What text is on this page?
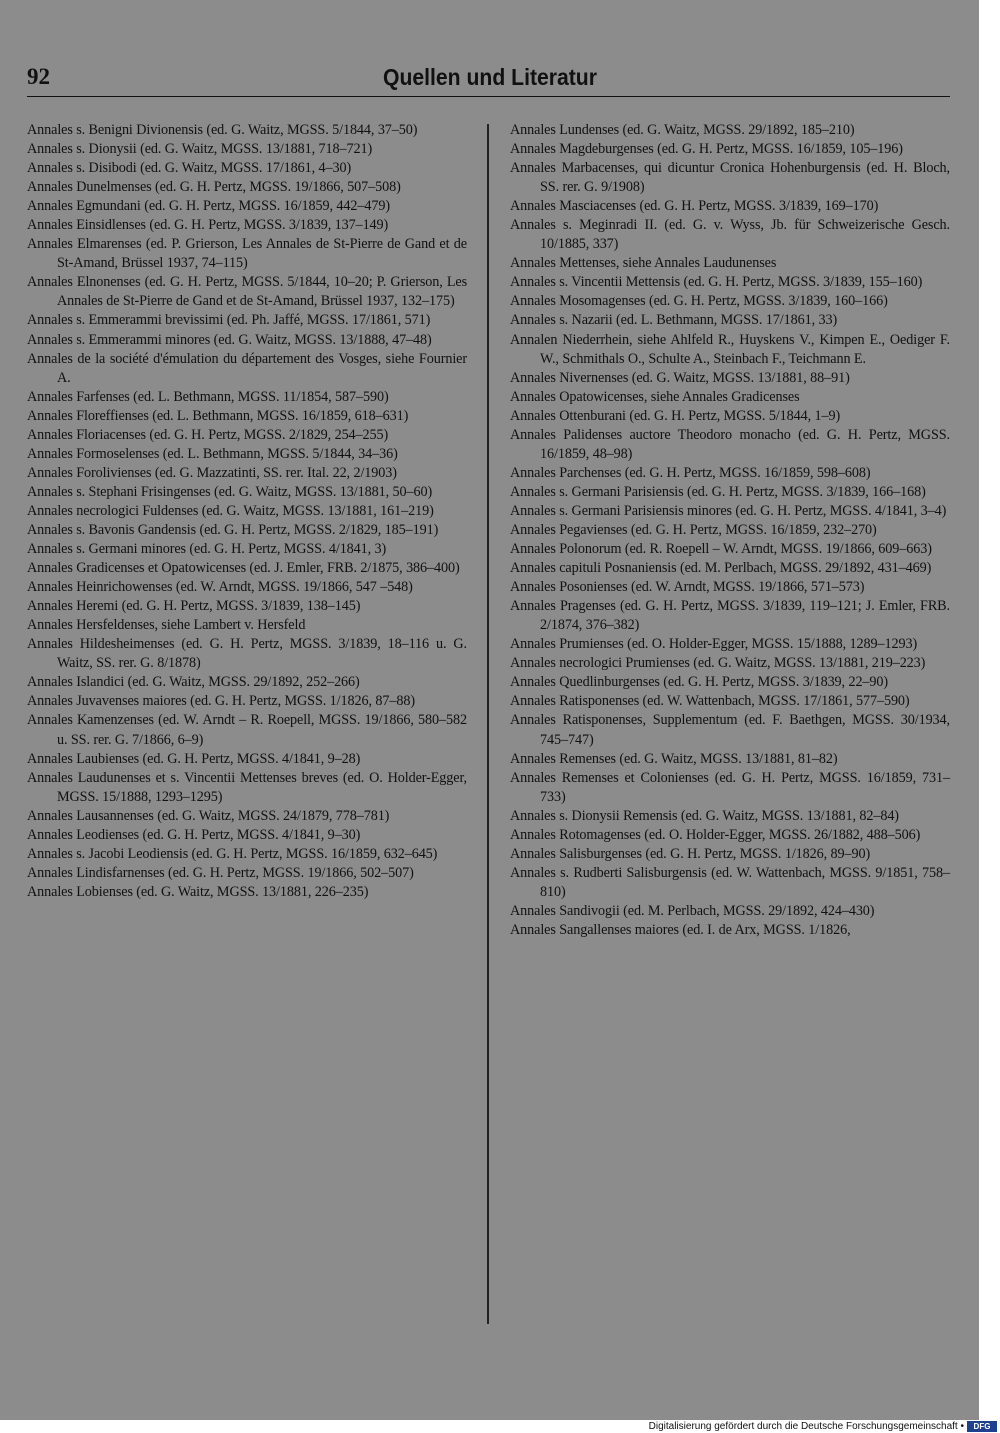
92	Quellen und Literatur

Annales s. Benigni Divionensis (ed. G. Waitz, MGSS. 5/1844, 37–50)

Annales s. Dionysii (ed. G. Waitz, MGSS. 13/1881, 718–721)

Annales s. Disibodi (ed. G. Waitz, MGSS. 17/1861, 4–30)

Annales Dunelmenses (ed. G. H. Pertz, MGSS. 19/1866, 507–508)

Annales Egmundani (ed. G. H. Pertz, MGSS. 16/1859, 442–479)

Annales Einsidlenses (ed. G. H. Pertz, MGSS. 3/1839, 137–149)

Annales Elmarenses (ed. P. Grierson, Les Annales de St-Pierre de Gand et de St-Amand, Brüssel 1937, 74–115)

Annales Elnonenses (ed. G. H. Pertz, MGSS. 5/1844, 10–20; P. Grierson, Les Annales de St-Pierre de Gand et de St-Amand, Brüssel 1937, 132–175)

Annales s. Emmerammi brevissimi (ed. Ph. Jaffé, MGSS. 17/1861, 571)

Annales s. Emmerammi minores (ed. G. Waitz, MGSS. 13/1888, 47–48)

Annales de la société d'émulation du département des Vosges, siehe Fournier A.

Annales Farfenses (ed. L. Bethmann, MGSS. 11/1854, 587–590)

Annales Floreffienses (ed. L. Bethmann, MGSS. 16/1859, 618–631)

Annales Floriacenses (ed. G. H. Pertz, MGSS. 2/1829, 254–255)

Annales Formoselenses (ed. L. Bethmann, MGSS. 5/1844, 34–36)

Annales Forolivienses (ed. G. Mazzatinti, SS. rer. Ital. 22, 2/1903)

Annales s. Stephani Frisingenses (ed. G. Waitz, MGSS. 13/1881, 50–60)

Annales necrologici Fuldenses (ed. G. Waitz, MGSS. 13/1881, 161–219)

Annales s. Bavonis Gandensis (ed. G. H. Pertz, MGSS. 2/1829, 185–191)

Annales s. Germani minores (ed. G. H. Pertz, MGSS. 4/1841, 3)

Annales Gradicenses et Opatowicenses (ed. J. Emler, FRB. 2/1875, 386–400)

Annales Heinrichowenses (ed. W. Arndt, MGSS. 19/1866, 547 –548)

Annales Heremi (ed. G. H. Pertz, MGSS. 3/1839, 138–145)

Annales Hersfeldenses, siehe Lambert v. Hersfeld

Annales Hildesheimenses (ed. G. H. Pertz, MGSS. 3/1839, 18–116 u. G. Waitz, SS. rer. G. 8/1878)

Annales Islandici (ed. G. Waitz, MGSS. 29/1892, 252–266)

Annales Juvavenses maiores (ed. G. H. Pertz, MGSS. 1/1826, 87–88)

Annales Kamenzenses (ed. W. Arndt – R. Roepell, MGSS. 19/1866, 580–582 u. SS. rer. G. 7/1866, 6–9)

Annales Laubienses (ed. G. H. Pertz, MGSS. 4/1841, 9–28)

Annales Laudunenses et s. Vincentii Mettenses breves (ed. O. Holder-Egger, MGSS. 15/1888, 1293–1295)

Annales Lausannenses (ed. G. Waitz, MGSS. 24/1879, 778–781)

Annales Leodienses (ed. G. H. Pertz, MGSS. 4/1841, 9–30)

Annales s. Jacobi Leodiensis (ed. G. H. Pertz, MGSS. 16/1859, 632–645)

Annales Lindisfarnenses (ed. G. H. Pertz, MGSS. 19/1866, 502–507)

Annales Lobienses (ed. G. Waitz, MGSS. 13/1881, 226–235)

Annales Lundenses (ed. G. Waitz, MGSS. 29/1892, 185–210)

Annales Magdeburgenses (ed. G. H. Pertz, MGSS. 16/1859, 105–196)

Annales Marbacenses, qui dicuntur Cronica Hohenburgensis (ed. H. Bloch, SS. rer. G. 9/1908)

Annales Masciacenses (ed. G. H. Pertz, MGSS. 3/1839, 169–170)

Annales s. Meginradi II. (ed. G. v. Wyss, Jb. für Schweizerische Gesch. 10/1885, 337)

Annales Mettenses, siehe Annales Laudunenses

Annales s. Vincentii Mettensis (ed. G. H. Pertz, MGSS. 3/1839, 155–160)

Annales Mosomagenses (ed. G. H. Pertz, MGSS. 3/1839, 160–166)

Annales s. Nazarii (ed. L. Bethmann, MGSS. 17/1861, 33)

Annalen Niederrhein, siehe Ahlfeld R., Huyskens V., Kimpen E., Oediger F. W., Schmithals O., Schulte A., Steinbach F., Teichmann E.

Annales Nivernenses (ed. G. Waitz, MGSS. 13/1881, 88–91)

Annales Opatowicenses, siehe Annales Gradicenses

Annales Ottenburani (ed. G. H. Pertz, MGSS. 5/1844, 1–9)

Annales Palidenses auctore Theodoro monacho (ed. G. H. Pertz, MGSS. 16/1859, 48–98)

Annales Parchenses (ed. G. H. Pertz, MGSS. 16/1859, 598–608)

Annales s. Germani Parisiensis (ed. G. H. Pertz, MGSS. 3/1839, 166–168)

Annales s. Germani Parisiensis minores (ed. G. H. Pertz, MGSS. 4/1841, 3–4)

Annales Pegavienses (ed. G. H. Pertz, MGSS. 16/1859, 232–270)

Annales Polonorum (ed. R. Roepell – W. Arndt, MGSS. 19/1866, 609–663)

Annales capituli Posnaniensis (ed. M. Perlbach, MGSS. 29/1892, 431–469)

Annales Posonienses (ed. W. Arndt, MGSS. 19/1866, 571–573)

Annales Pragenses (ed. G. H. Pertz, MGSS. 3/1839, 119–121; J. Emler, FRB. 2/1874, 376–382)

Annales Prumienses (ed. O. Holder-Egger, MGSS. 15/1888, 1289–1293)

Annales necrologici Prumienses (ed. G. Waitz, MGSS. 13/1881, 219–223)

Annales Quedlinburgenses (ed. G. H. Pertz, MGSS. 3/1839, 22–90)

Annales Ratisponenses (ed. W. Wattenbach, MGSS. 17/1861, 577–590)

Annales Ratisponenses, Supplementum (ed. F. Baethgen, MGSS. 30/1934, 745–747)

Annales Remenses (ed. G. Waitz, MGSS. 13/1881, 81–82)

Annales Remenses et Colonienses (ed. G. H. Pertz, MGSS. 16/1859, 731–733)

Annales s. Dionysii Remensis (ed. G. Waitz, MGSS. 13/1881, 82–84)

Annales Rotomagenses (ed. O. Holder-Egger, MGSS. 26/1882, 488–506)

Annales Salisburgenses (ed. G. H. Pertz, MGSS. 1/1826, 89–90)

Annales s. Rudberti Salisburgensis (ed. W. Wattenbach, MGSS. 9/1851, 758–810)

Annales Sandivogii (ed. M. Perlbach, MGSS. 29/1892, 424–430)

Annales Sangallenses maiores (ed. I. de Arx, MGSS. 1/1826,

Digitalisierung gefördert durch die Deutsche Forschungsgemeinschaft •	DFG
